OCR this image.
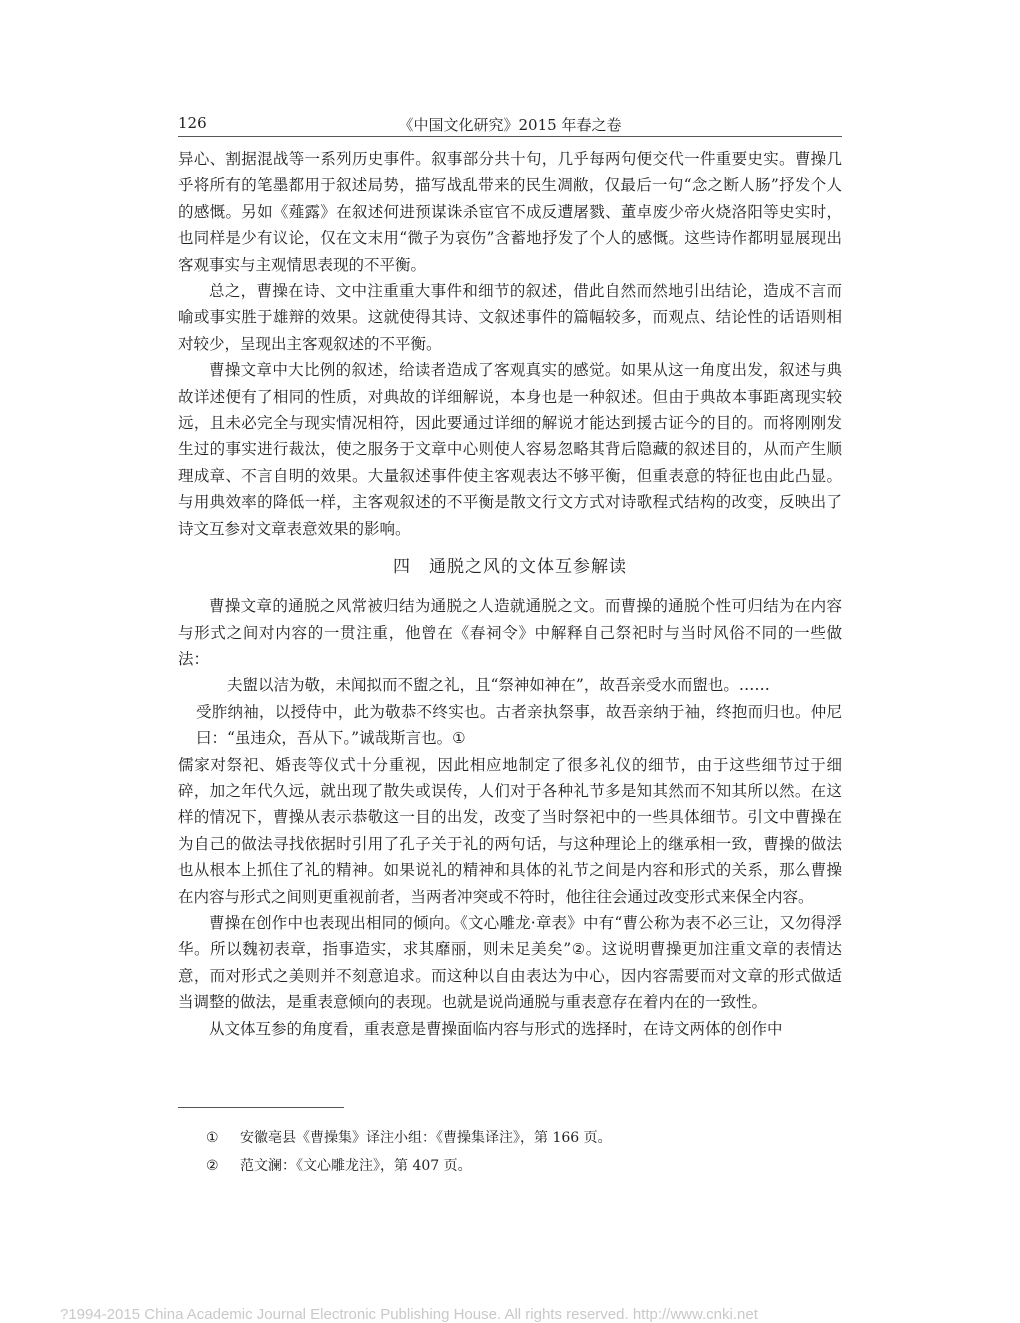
126	《中国文化研究》2015 年春之卷

异心、割据混战等一系列历史事件。叙事部分共十句，几乎每两句便交代一件重要史实。曹操几乎将所有的笔墨都用于叙述局势，描写战乱带来的民生凋敝，仅最后一句“念之断人肠”抒发个人的感慨。另如《薤露》在叙述何进预谋诛杀宦官不成反遭屠戮、董卓废少帝火烧洛阳等史实时，也同样是少有议论，仅在文末用“微子为哀伤”含蓄地抒发了个人的感慨。这些诗作都明显展现出客观事实与主观情思表现的不平衡。

总之，曹操在诗、文中注重重大事件和细节的叙述，借此自然而然地引出结论，造成不言而喻或事实胜于雄辩的效果。这就使得其诗、文叙述事件的篇幅较多，而观点、结论性的话语则相对较少，呈现出主客观叙述的不平衡。

曹操文章中大比例的叙述，给读者造成了客观真实的感觉。如果从这一角度出发，叙述与典故详述便有了相同的性质，对典故的详细解说，本身也是一种叙述。但由于典故本事距离现实较远，且未必完全与现实情况相符，因此要通过详细的解说才能达到援古证今的目的。而将刚刚发生过的事实进行裁汰，使之服务于文章中心则使人容易忽略其背后隐藏的叙述目的，从而产生顺理成章、不言自明的效果。大量叙述事件使主客观表达不够平衡，但重表意的特征也由此凸显。与用典效率的降低一样，主客观叙述的不平衡是散文行文方式对诗歌程式结构的改变，反映出了诗文互参对文章表意效果的影响。

四　通脱之风的文体互参解读

曹操文章的通脱之风常被归结为通脱之人造就通脱之文。而曹操的通脱个性可归结为在内容与形式之间对内容的一贯注重，他曾在《春祠令》中解释自己祭祀时与当时风俗不同的一些做法：

夫盥以洁为敬，未闻拟而不盥之礼，且“祭神如神在”，故吾亲受水而盥也。……

受胙纳袖，以授侍中，此为敬恭不终实也。古者亲执祭事，故吾亲纳于袖，终抱而归也。仲尼曰：“虽违众，吾从下。”诚哉斯言也。①

儒家对祭祀、婚丧等仪式十分重视，因此相应地制定了很多礼仪的细节，由于这些细节过于细碎，加之年代久远，就出现了散失或误传，人们对于各种礼节多是知其然而不知其所以然。在这样的情况下，曹操从表示恭敬这一目的出发，改变了当时祭祀中的一些具体细节。引文中曹操在为自己的做法寻找依据时引用了孔子关于礼的两句话，与这种理论上的继承相一致，曹操的做法也从根本上抓住了礼的精神。如果说礼的精神和具体的礼节之间是内容和形式的关系，那么曹操在内容与形式之间则更重视前者，当两者冲突或不符时，他往往会通过改变形式来保全内容。

曹操在创作中也表现出相同的倾向。《文心雕龙·章表》中有“曹公称为表不必三让，又勿得浮华。所以魏初表章，指事造实，求其靡丽，则未足美矣”②。这说明曹操更加注重文章的表情达意，而对形式之美则并不刻意追求。而这种以自由表达为中心，因内容需要而对文章的形式做适当调整的做法，是重表意倾向的表现。也就是说尚通脱与重表意存在着内在的一致性。

从文体互参的角度看，重表意是曹操面临内容与形式的选择时，在诗文两体的创作中

① 安徽亳县《曹操集》译注小组：《曹操集译注》，第 166 页。
② 范文澜：《文心雕龙注》，第 407 页。
?1994-2015 China Academic Journal Electronic Publishing House. All rights reserved. http://www.cnki.net
